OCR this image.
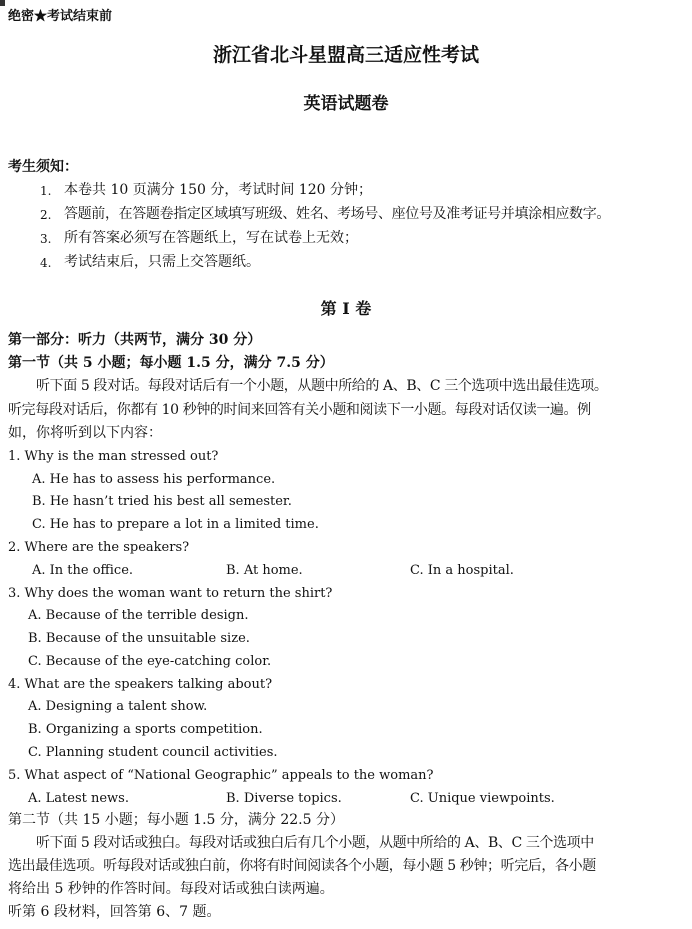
绝密★考试结束前
浙江省北斗星盟高三适应性考试
英语试题卷
考生须知：
1. 本卷共 10 页满分 150 分，考试时间 120 分钟；
2. 答题前，在答题卷指定区域填写班级、姓名、考场号、座位号及准考证号并填涂相应数字。
3. 所有答案必须写在答题纸上，写在试卷上无效；
4. 考试结束后，只需上交答题纸。
第 I 卷
第一部分：听力（共两节，满分 30 分）
第一节（共 5 小题；每小题 1.5 分，满分 7.5 分）
听下面 5 段对话。每段对话后有一个小题，从题中所给的 A、B、C 三个选项中选出最佳选项。
听完每段对话后，你都有 10 秒钟的时间来回答有关小题和阅读下一小题。每段对话仅读一遍。例
如，你将听到以下内容：
1. Why is the man stressed out?
A. He has to assess his performance.
B. He hasn’t tried his best all semester.
C. He has to prepare a lot in a limited time.
2. Where are the speakers?
A. In the office.	B. At home.	C. In a hospital.
3. Why does the woman want to return the shirt?
A. Because of the terrible design.
B. Because of the unsuitable size.
C. Because of the eye-catching color.
4. What are the speakers talking about?
A. Designing a talent show.
B. Organizing a sports competition.
C. Planning student council activities.
5. What aspect of “National Geographic” appeals to the woman?
A. Latest news.	B. Diverse topics.	C. Unique viewpoints.
第二节（共 15 小题；每小题 1.5 分，满分 22.5 分）
听下面 5 段对话或独白。每段对话或独白后有几个小题，从题中所给的 A、B、C 三个选项中
选出最佳选项。听每段对话或独白前，你将有时间阅读各个小题，每小题 5 秒钟；听完后，各小题
将给出 5 秒钟的作答时间。每段对话或独白读两遍。
听第 6 段材料，回答第 6、7 题。
